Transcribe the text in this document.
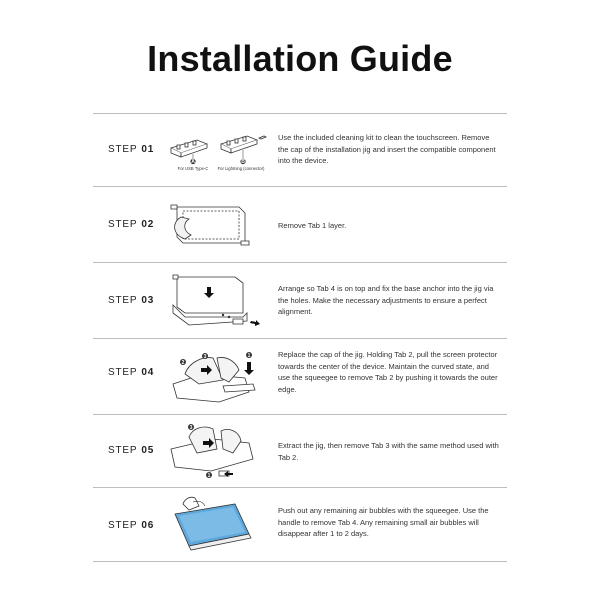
Installation Guide
STEP 01
A	B
For USB Type-C For Lightning (connector)
Use the included cleaning kit to clean the touchscreen. Remove the cap of the installation jig and insert the compatible component into the device.
STEP 02	Remove Tab 1 layer.
STEP 03
Arrange so Tab 4 is on top and fix the base anchor into the jig via the holes. Make the necessary adjustments to ensure a perfect alignment.
STEP 04
2
3	1	Replace the cap of the jig. Holding Tab 2, pull the screen protector towards the center of the device. Maintain the curved state, and use the squeegee to remove Tab 2 by pushing it towards the outer edge.
STEP 05
3
1
Extract the jig, then remove Tab 3 with the same method used with Tab 2.
STEP 06
Push out any remaining air bubbles with the squeegee. Use the handle to remove Tab 4. Any remaining small air bubbles will disappear after 1 to 2 days.
